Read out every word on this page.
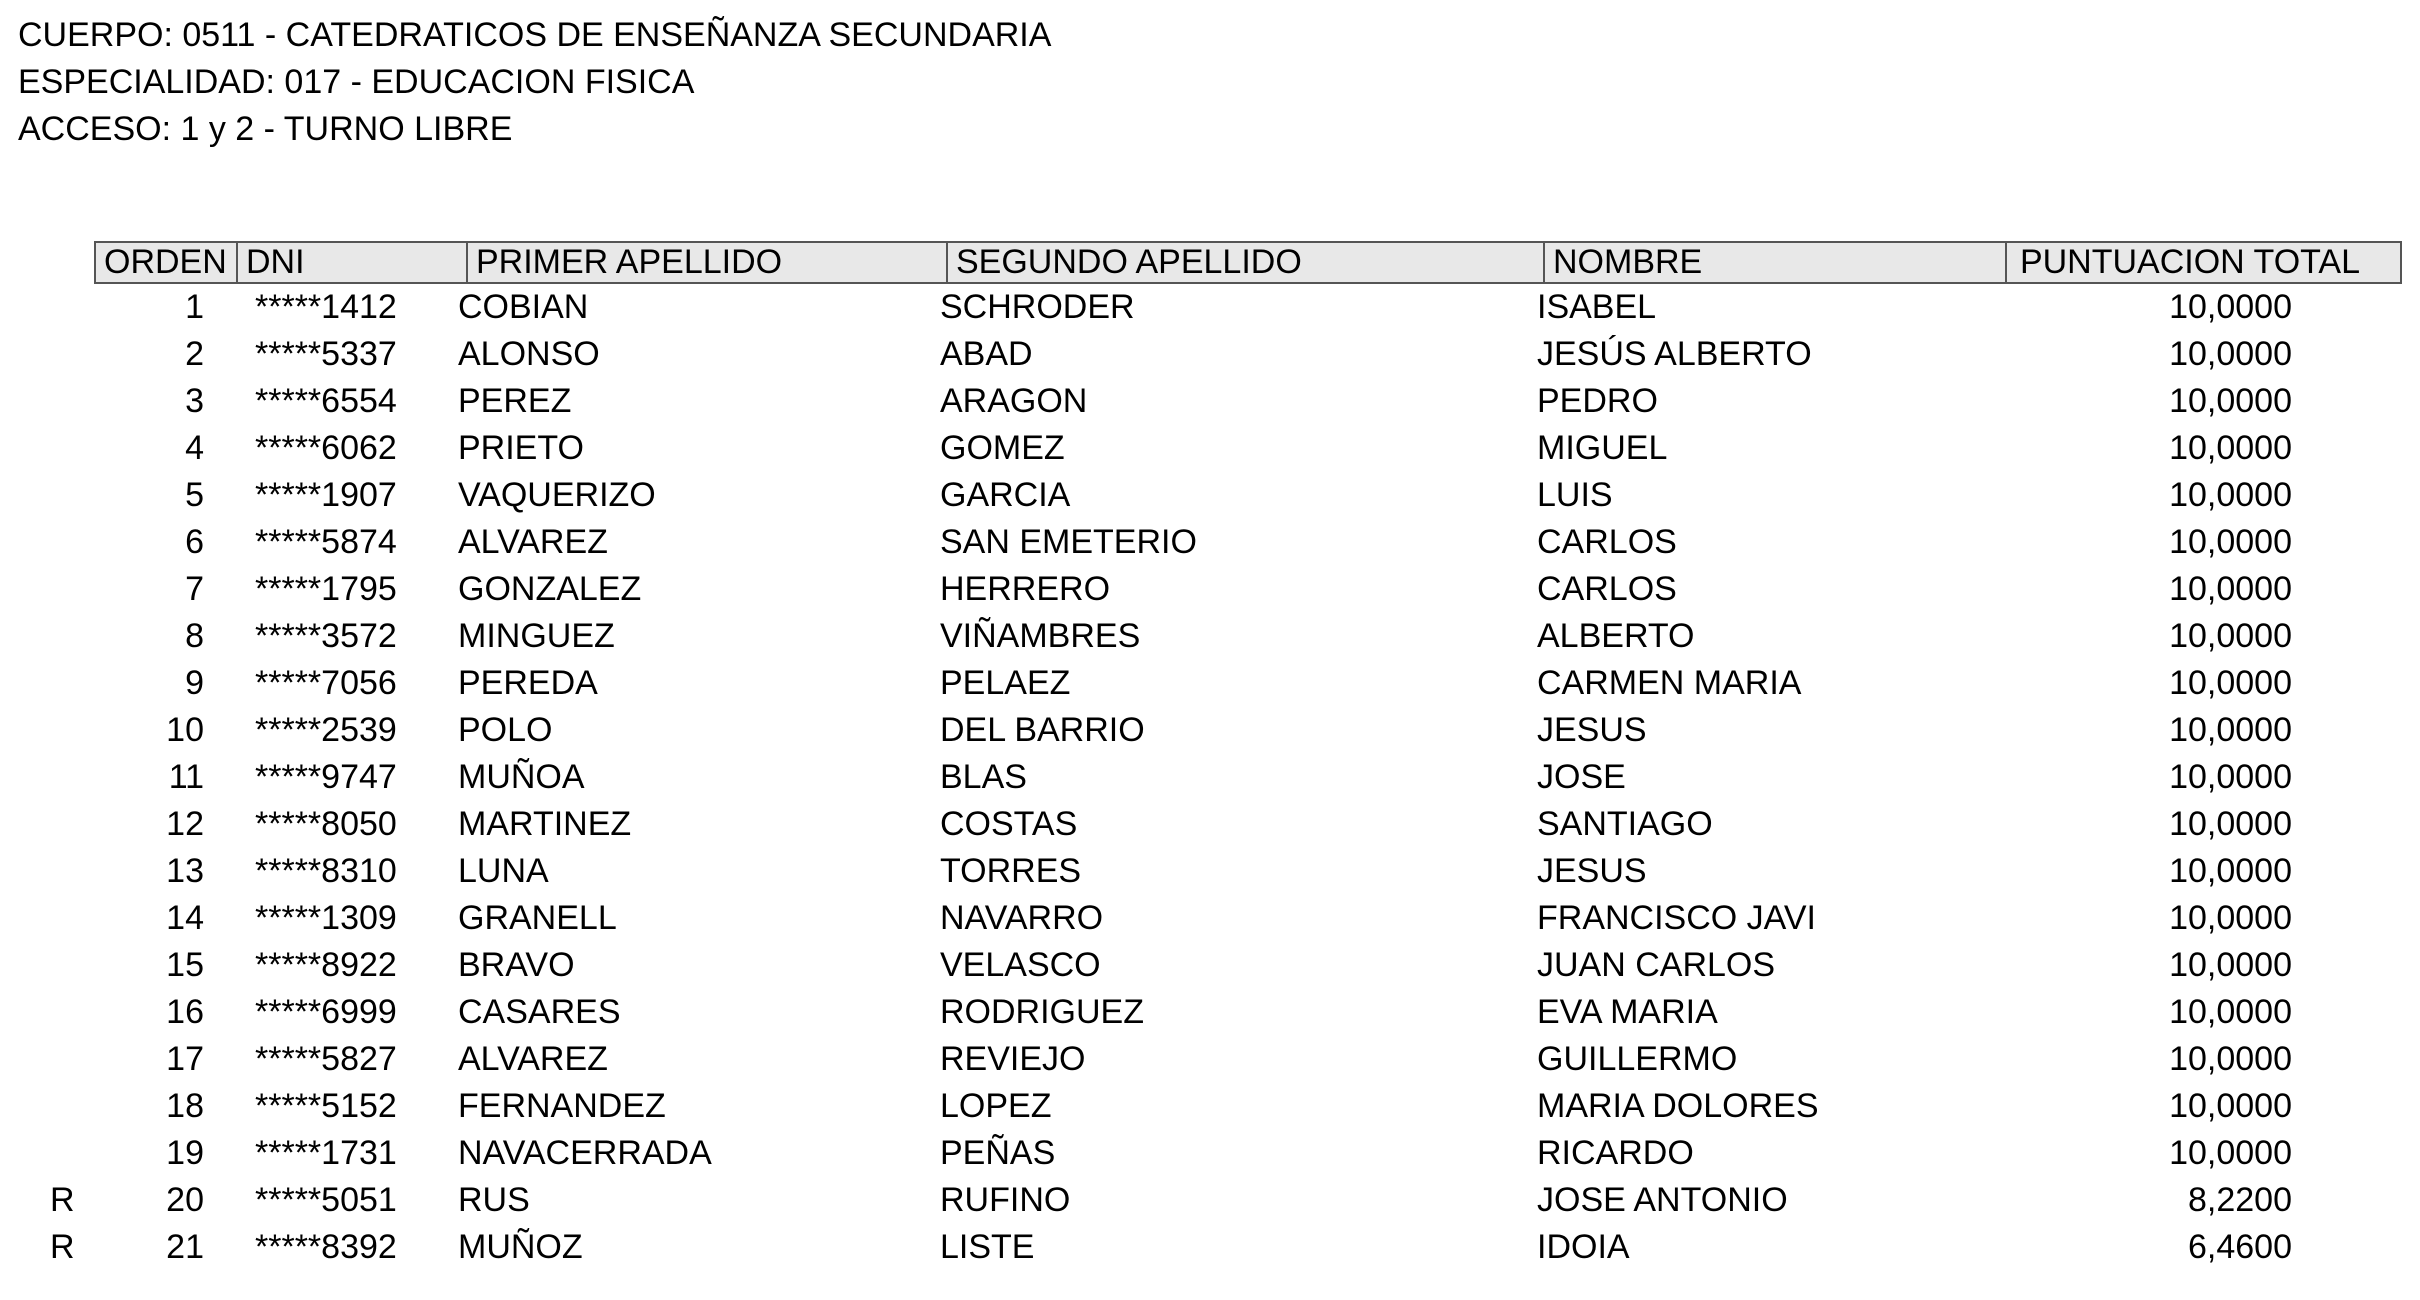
CUERPO: 0511 - CATEDRATICOS DE ENSEÑANZA SECUNDARIA
ESPECIALIDAD: 017 - EDUCACION FISICA
ACCESO: 1 y 2 - TURNO LIBRE
ORDEN DNI	PRIMER APELLIDO	SEGUNDO APELLIDO	NOMBRE	PUNTUACION TOTAL
1 *****1412 COBIAN	SCHRODER	ISABEL	10,0000
2 *****5337 ALONSO	ABAD	JESÚS ALBERTO	10,0000
3 *****6554 PEREZ	ARAGON	PEDRO	10,0000
4 *****6062 PRIETO	GOMEZ	MIGUEL	10,0000
5 *****1907 VAQUERIZO	GARCIA	LUIS	10,0000
6 *****5874 ALVAREZ	SAN EMETERIO	CARLOS	10,0000
7 *****1795 GONZALEZ	HERRERO	CARLOS	10,0000
8 *****3572 MINGUEZ	VIÑAMBRES	ALBERTO	10,0000
9 *****7056 PEREDA	PELAEZ	CARMEN MARIA	10,0000
10 *****2539 POLO	DEL BARRIO	JESUS	10,0000
11 *****9747 MUÑOA	BLAS	JOSE	10,0000
12 *****8050 MARTINEZ	COSTAS	SANTIAGO	10,0000
13 *****8310 LUNA	TORRES	JESUS	10,0000
14 *****1309 GRANELL	NAVARRO	FRANCISCO JAVI	10,0000
15 *****8922 BRAVO	VELASCO	JUAN CARLOS	10,0000
16 *****6999 CASARES	RODRIGUEZ	EVA MARIA	10,0000
17 *****5827 ALVAREZ	REVIEJO	GUILLERMO	10,0000
18 *****5152 FERNANDEZ	LOPEZ	MARIA DOLORES	10,0000
19 *****1731 NAVACERRADA	PEÑAS	RICARDO	10,0000
R	20 *****5051 RUS	RUFINO	JOSE ANTONIO	8,2200
R	21 *****8392 MUÑOZ	LISTE	IDOIA	6,4600
